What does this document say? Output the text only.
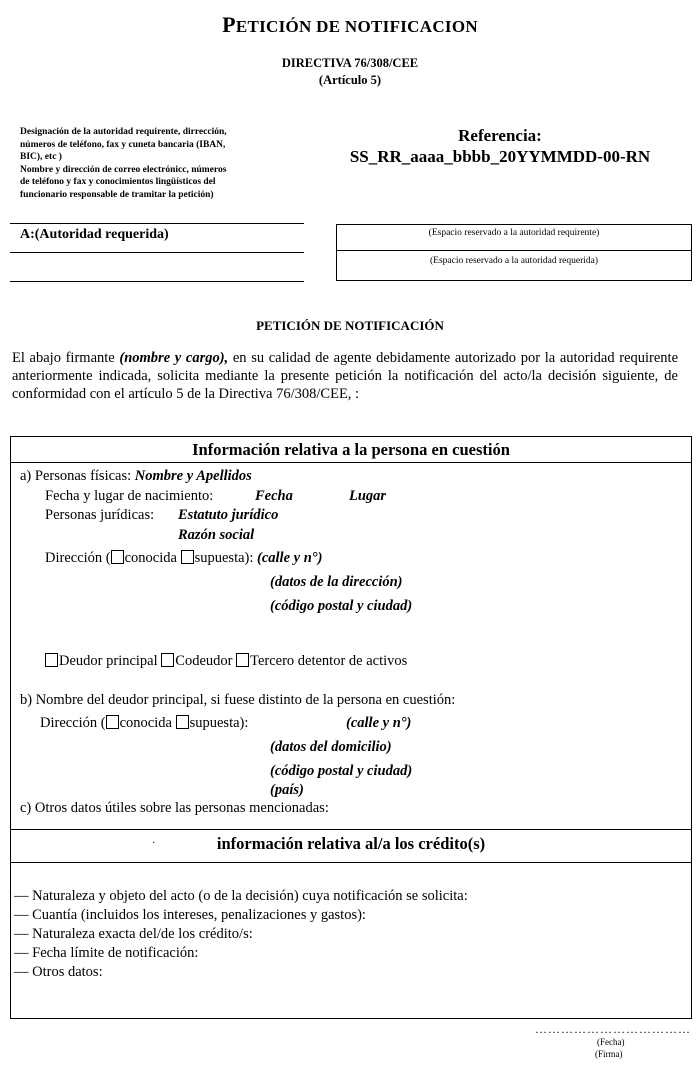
PETICIÓN DE NOTIFICACION
DIRECTIVA 76/308/CEE
(Artículo 5)
Designación de la autoridad requirente, dirrección,
números de teléfono, fax y cuneta bancaria (IBAN,
BIC), etc )
Nombre y dirección de correo electrónicc, números
de teléfono y fax y conocimientos lingüísticos del
funcionario responsable de tramitar la petición)
Referencia:
SS_RR_aaaa_bbbb_20YYMMDD-00-RN
A:(Autoridad requerida)	(Espacio reservado a la autoridad requirente)
(Espacio reservado a la autoridad requerida)
PETICIÓN DE NOTIFICACIÓN

El abajo firmante (nombre y cargo), en su calidad de agente debidamente autorizado por la autoridad requirente anteriormente indicada, solicita mediante la presente petición la notificación del acto/la decisión siguiente, de conformidad con el artículo 5 de la Directiva 76/308/CEE, :

Información relativa a la persona en cuestión
a) Personas físicas: Nombre y Apellidos
Fecha y lugar de nacimiento:	Fecha	Lugar
Personas jurídicas: Estatuto jurídico
Razón social
Dirección ( conocida supuesta): (calle y n°)
(datos de la dirección)
(código postal y ciudad)
Deudor principal Codeudor Tercero detentor de activos
b) Nombre del deudor principal, si fuese distinto de la persona en cuestión:
Dirección ( conocida supuesta):	(calle y n°)
(datos del domicilio)
(código postal y ciudad)
(país)
c) Otros datos útiles sobre las personas mencionadas:
·	información relativa al/a los crédito(s)
— Naturaleza y objeto del acto (o de la decisión) cuya notificación se solicita:
— Cuantía (incluidos los intereses, penalizaciones y gastos):
— Naturaleza exacta del/de los crédito/s:
— Fecha límite de notificación:
— Otros datos:
………………………………
(Fecha)
(Firma)
